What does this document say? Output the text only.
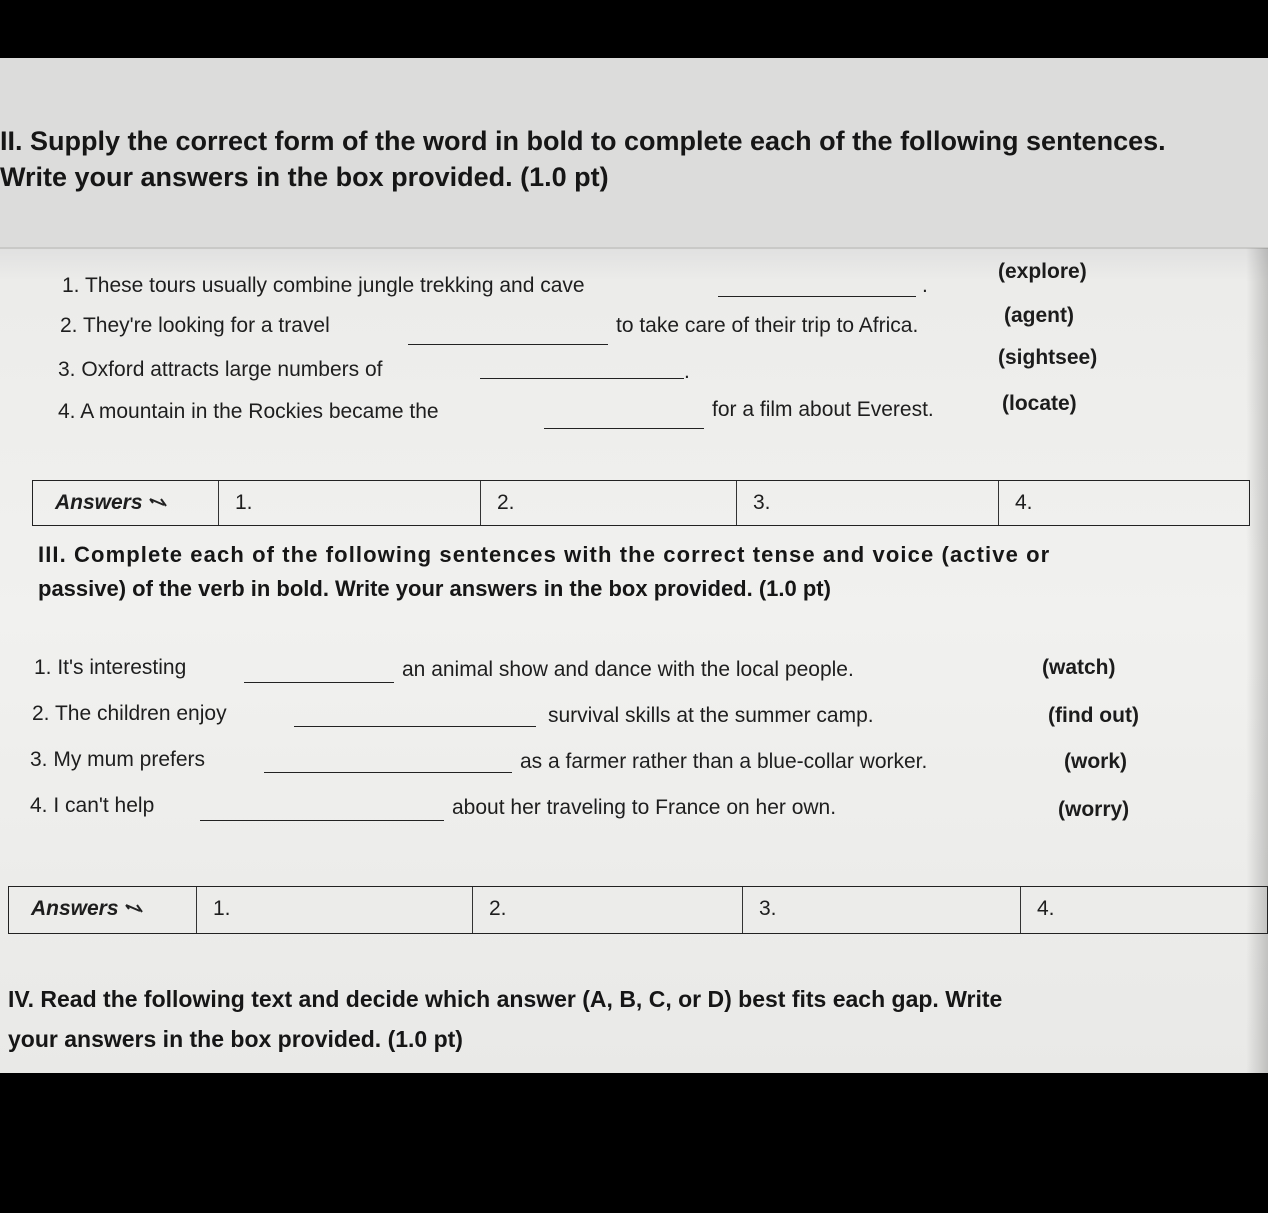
II. Supply the correct form of the word in bold to complete each of the following sentences.
Write your answers in the box provided. (1.0 pt)
1. These tours usually combine jungle trekking and cave	.
(explore)
2. They're looking for a travel	to take care of their trip to Africa.	(agent)
3. Oxford attracts large numbers of	.
(sightsee)
4. A mountain in the Rockies became the	for a film about Everest.	(locate)
Answers	1.	2.	3.	4.
III. Complete each of the following sentences with the correct tense and voice (active or
passive) of the verb in bold. Write your answers in the box provided. (1.0 pt)
1. It's interesting	an animal show and dance with the local people.	(watch)
2. The children enjoy	survival skills at the summer camp.	(find out)
3. My mum prefers	as a farmer rather than a blue-collar worker.	(work)
4. I can't help	about her traveling to France on her own.	(worry)
Answers	1.	2.	3.	4.
IV. Read the following text and decide which answer (A, B, C, or D) best fits each gap. Write
your answers in the box provided. (1.0 pt)
